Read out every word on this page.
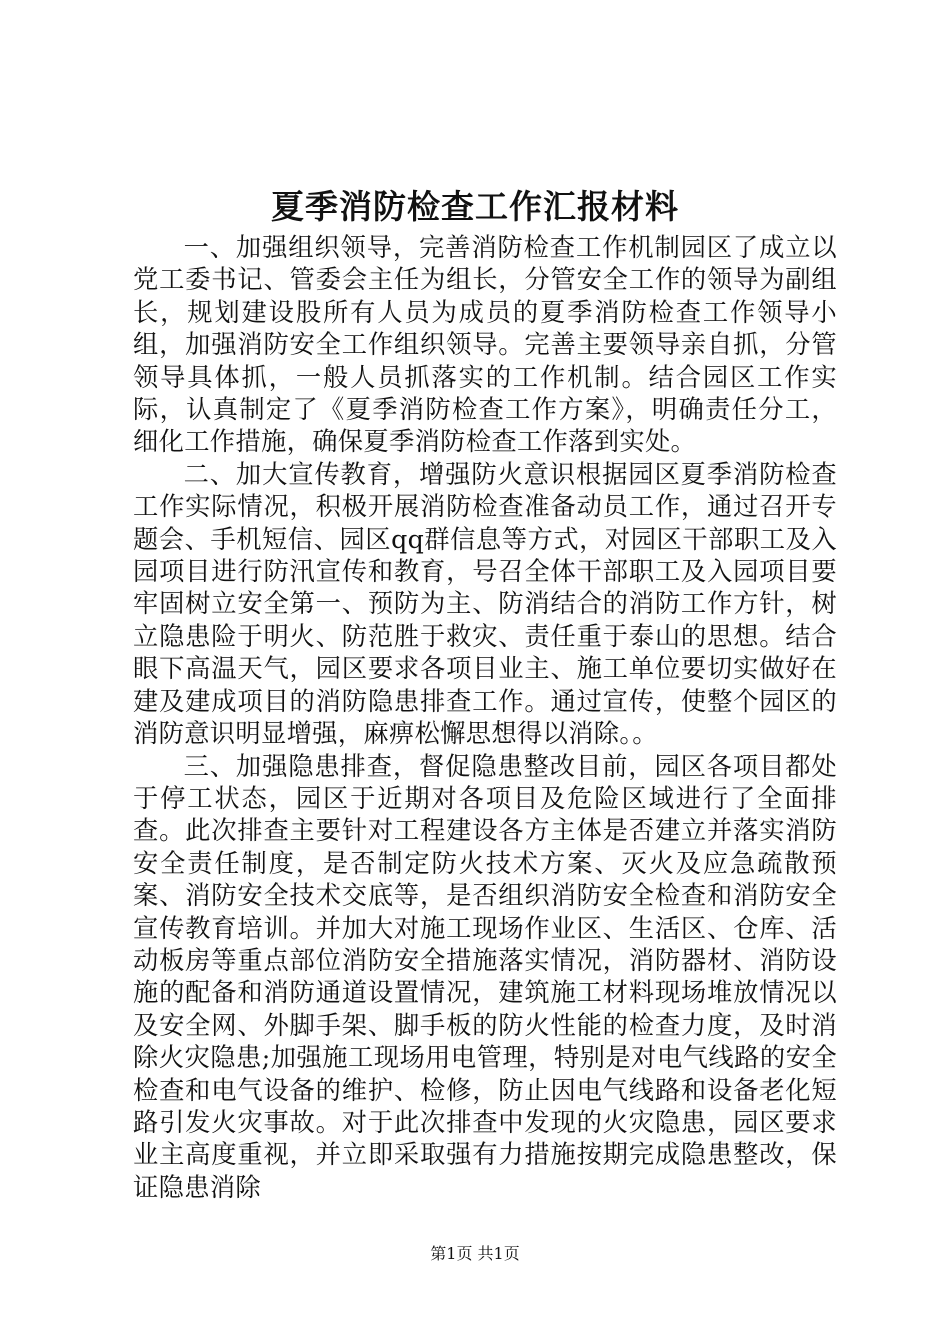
夏季消防检查工作汇报材料

一、加强组织领导，完善消防检查工作机制园区了成立以党工委书记、管委会主任为组长，分管安全工作的领导为副组长，规划建设股所有人员为成员的夏季消防检查工作领导小组，加强消防安全工作组织领导。完善主要领导亲自抓，分管领导具体抓，一般人员抓落实的工作机制。结合园区工作实际，认真制定了《夏季消防检查工作方案》，明确责任分工，细化工作措施，确保夏季消防检查工作落到实处。

二、加大宣传教育，增强防火意识根据园区夏季消防检查工作实际情况，积极开展消防检查准备动员工作，通过召开专题会、手机短信、园区qq群信息等方式，对园区干部职工及入园项目进行防汛宣传和教育，号召全体干部职工及入园项目要牢固树立安全第一、预防为主、防消结合的消防工作方针，树立隐患险于明火、防范胜于救灾、责任重于泰山的思想。结合眼下高温天气，园区要求各项目业主、施工单位要切实做好在建及建成项目的消防隐患排查工作。通过宣传，使整个园区的消防意识明显增强，麻痹松懈思想得以消除。。

三、加强隐患排查，督促隐患整改目前，园区各项目都处于停工状态，园区于近期对各项目及危险区域进行了全面排查。此次排查主要针对工程建设各方主体是否建立并落实消防安全责任制度，是否制定防火技术方案、灭火及应急疏散预案、消防安全技术交底等，是否组织消防安全检查和消防安全宣传教育培训。并加大对施工现场作业区、生活区、仓库、活动板房等重点部位消防安全措施落实情况，消防器材、消防设施的配备和消防通道设置情况，建筑施工材料现场堆放情况以及安全网、外脚手架、脚手板的防火性能的检查力度，及时消除火灾隐患;加强施工现场用电管理，特别是对电气线路的安全检查和电气设备的维护、检修，防止因电气线路和设备老化短路引发火灾事故。对于此次排查中发现的火灾隐患，园区要求业主高度重视，并立即采取强有力措施按期完成隐患整改，保证隐患消除

第1页 共1页
